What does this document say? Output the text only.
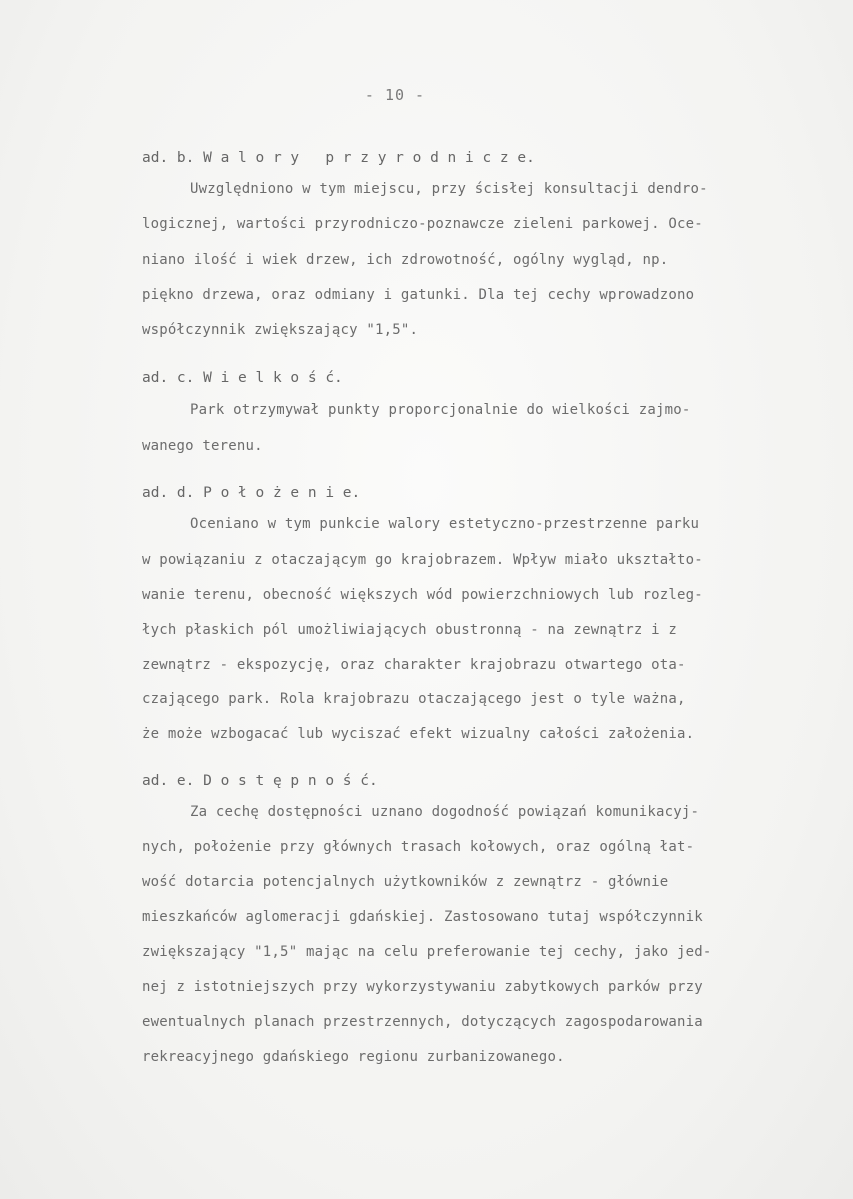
- 10 -
ad. b. W a l o r y   p r z y r o d n i c z e.
Uwzględniono w tym miejscu, przy ścisłej konsultacji dendro-
logicznej, wartości przyrodniczo-poznawcze zieleni parkowej. Oce-
niano ilość i wiek drzew, ich zdrowotność, ogólny wygląd, np.
piękno drzewa, oraz odmiany i gatunki. Dla tej cechy wprowadzono
współczynnik zwiększający "1,5".
ad. c. W i e l k o ś ć.
Park otrzymywał punkty proporcjonalnie do wielkości zajmo-
wanego terenu.
ad. d. P o ł o ż e n i e.
Oceniano w tym punkcie walory estetyczno-przestrzenne parku
w powiązaniu z otaczającym go krajobrazem. Wpływ miało ukształto-
wanie terenu, obecność większych wód powierzchniowych lub rozleg-
łych płaskich pól umożliwiających obustronną - na zewnątrz i z
zewnątrz - ekspozycję, oraz charakter krajobrazu otwartego ota-
czającego park. Rola krajobrazu otaczającego jest o tyle ważna,
że może wzbogacać lub wyciszać efekt wizualny całości założenia.
ad. e. D o s t ę p n o ś ć.
Za cechę dostępności uznano dogodność powiązań komunikacyj-
nych, położenie przy głównych trasach kołowych, oraz ogólną łat-
wość dotarcia potencjalnych użytkowników z zewnątrz - głównie
mieszkańców aglomeracji gdańskiej. Zastosowano tutaj współczynnik
zwiększający "1,5" mając na celu preferowanie tej cechy, jako jed-
nej z istotniejszych przy wykorzystywaniu zabytkowych parków przy
ewentualnych planach przestrzennych, dotyczących zagospodarowania
rekreacyjnego gdańskiego regionu zurbanizowanego.
